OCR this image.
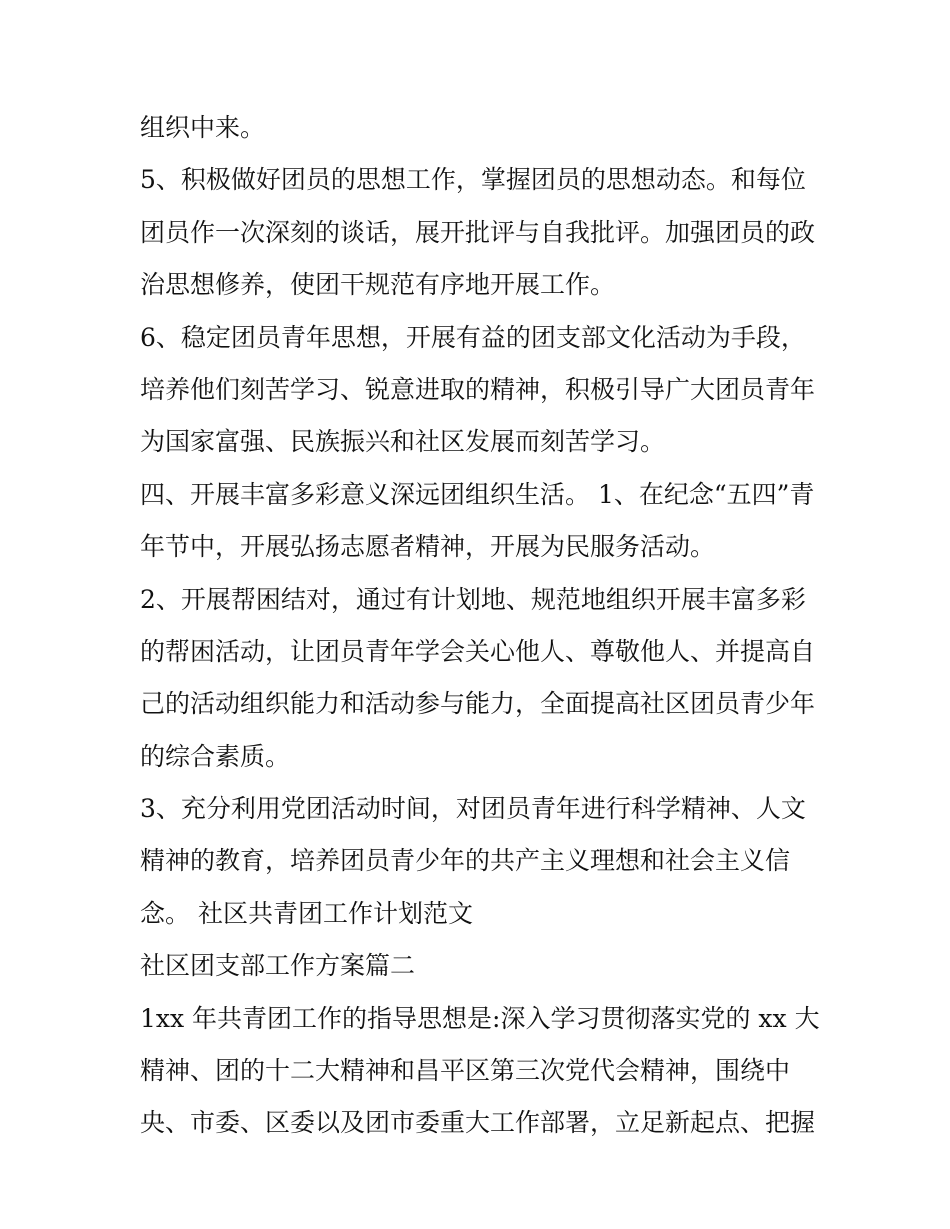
组织中来。
5、积极做好团员的思想工作，掌握团员的思想动态。和每位
团员作一次深刻的谈话，展开批评与自我批评。加强团员的政
治思想修养，使团干规范有序地开展工作。
6、稳定团员青年思想，开展有益的团支部文化活动为手段，
培养他们刻苦学习、锐意进取的精神，积极引导广大团员青年
为国家富强、民族振兴和社区发展而刻苦学习。
四、开展丰富多彩意义深远团组织生活。 1、在纪念“五四”青
年节中，开展弘扬志愿者精神，开展为民服务活动。
2、开展帮困结对，通过有计划地、规范地组织开展丰富多彩
的帮困活动，让团员青年学会关心他人、尊敬他人、并提高自
己的活动组织能力和活动参与能力，全面提高社区团员青少年
的综合素质。
3、充分利用党团活动时间，对团员青年进行科学精神、人文
精神的教育，培养团员青少年的共产主义理想和社会主义信
念。 社区共青团工作计划范文
社区团支部工作方案篇二
1xx 年共青团工作的指导思想是:深入学习贯彻落实党的 xx 大
精神、团的十二大精神和昌平区第三次党代会精神，围绕中
央、市委、区委以及团市委重大工作部署，立足新起点、把握
